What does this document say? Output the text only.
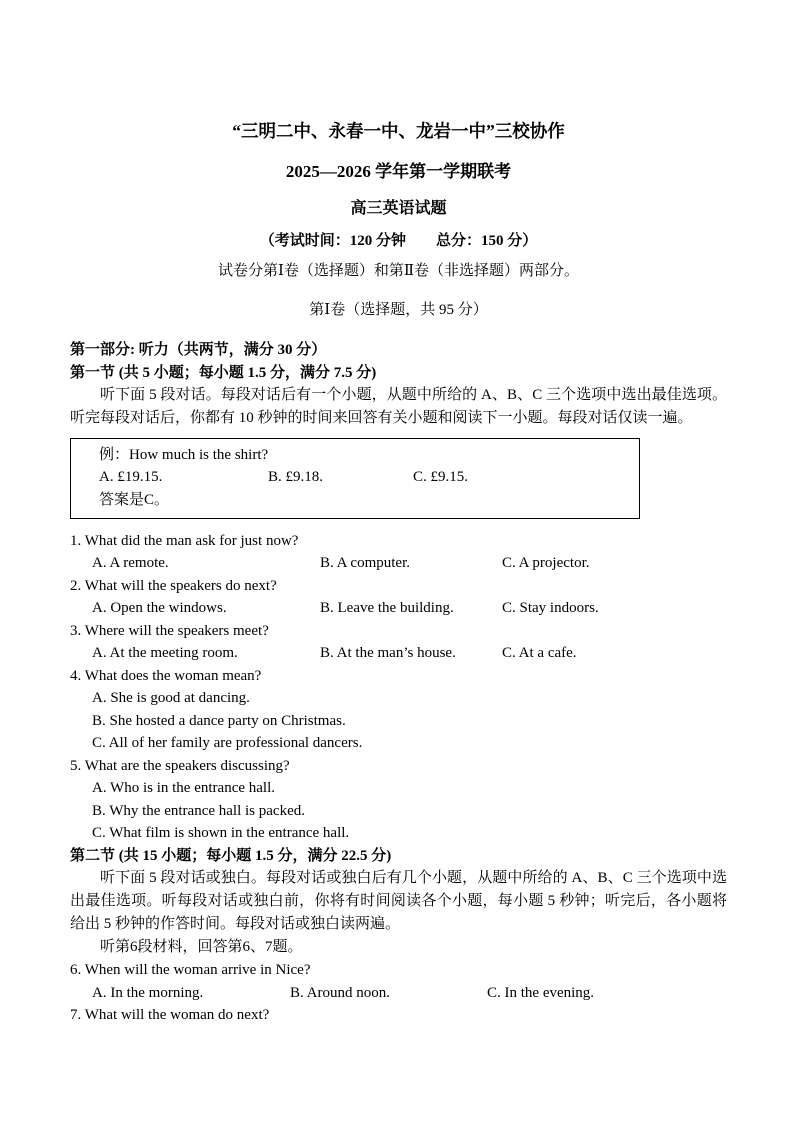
“三明二中、永春一中、龙岩一中”三校协作
2025—2026 学年第一学期联考
高三英语试题
（考试时间：120 分钟        总分：150 分）
试卷分第Ⅰ卷（选择题）和第Ⅱ卷（非选择题）两部分。
第Ⅰ卷（选择题，共 95 分）
第一部分: 听力（共两节，满分 30 分）
第一节 (共 5 小题；每小题 1.5 分，满分 7.5 分)

听下面 5 段对话。每段对话后有一个小题，从题中所给的 A、B、C 三个选项中选出最佳选项。听完每段对话后，你都有 10 秒钟的时间来回答有关小题和阅读下一小题。每段对话仅读一遍。

例：How much is the shirt?
A. £19.15.	B. £9.18.	C. £9.15.
答案是C。
1. What did the man ask for just now?
A. A remote.	B. A computer.	C. A projector.
2. What will the speakers do next?
A. Open the windows.	B. Leave the building.	C. Stay indoors.
3. Where will the speakers meet?
A. At the meeting room.	B. At the man’s house.	C. At a cafe.
4. What does the woman mean?
A. She is good at dancing.
B. She hosted a dance party on Christmas.
C. All of her family are professional dancers.
5. What are the speakers discussing?
A. Who is in the entrance hall.
B. Why the entrance hall is packed.
C. What film is shown in the entrance hall.
第二节 (共 15 小题；每小题 1.5 分，满分 22.5 分)

听下面 5 段对话或独白。每段对话或独白后有几个小题，从题中所给的 A、B、C 三个选项中选出最佳选项。听每段对话或独白前，你将有时间阅读各个小题，每小题 5 秒钟；听完后，各小题将给出 5 秒钟的作答时间。每段对话或独白读两遍。

听第6段材料，回答第6、7题。

6. When will the woman arrive in Nice?
A. In the morning.	B. Around noon.	C. In the evening.
7. What will the woman do next?
